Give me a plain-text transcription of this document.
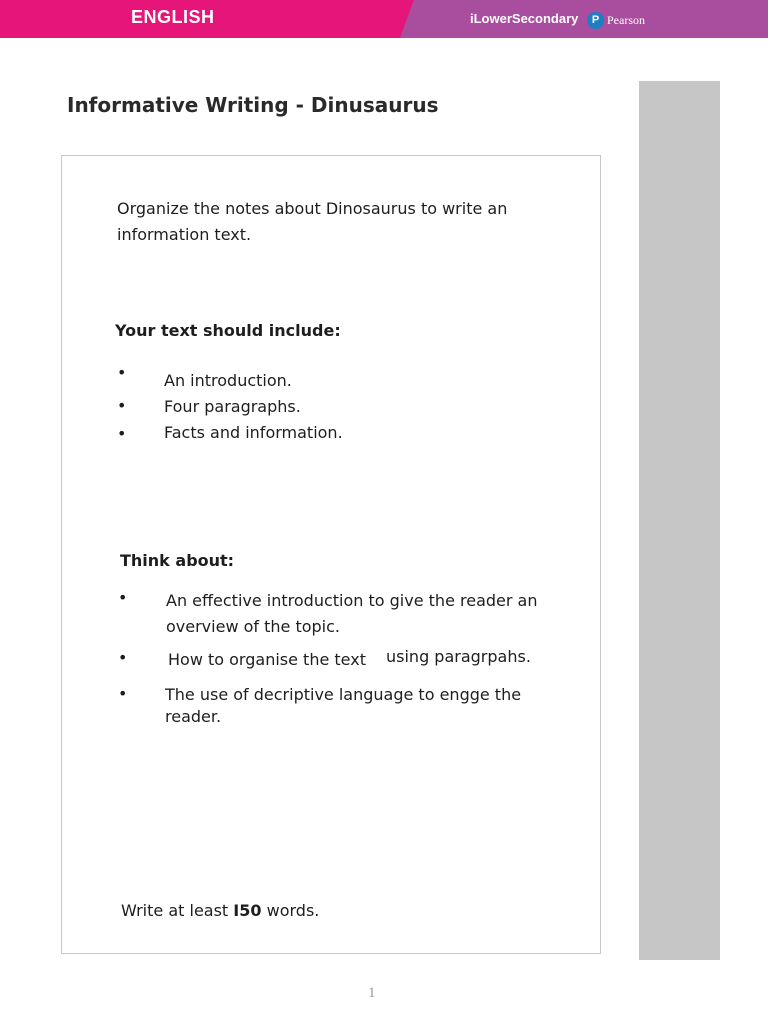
ENGLISH	iLowerSecondary	P Pearson
Informative Writing - Dinusaurus
Organize the notes about Dinosaurus to write an
information text.
Your text should include:
• An introduction.
• Four paragraphs.
• Facts and information.
Think about:
• An effective introduction to give the reader an
overview of the topic.
•	How to organise the text using paragrpahs.
• The use of decriptive language to engge the
reader.
Write at least I50 words.
1
